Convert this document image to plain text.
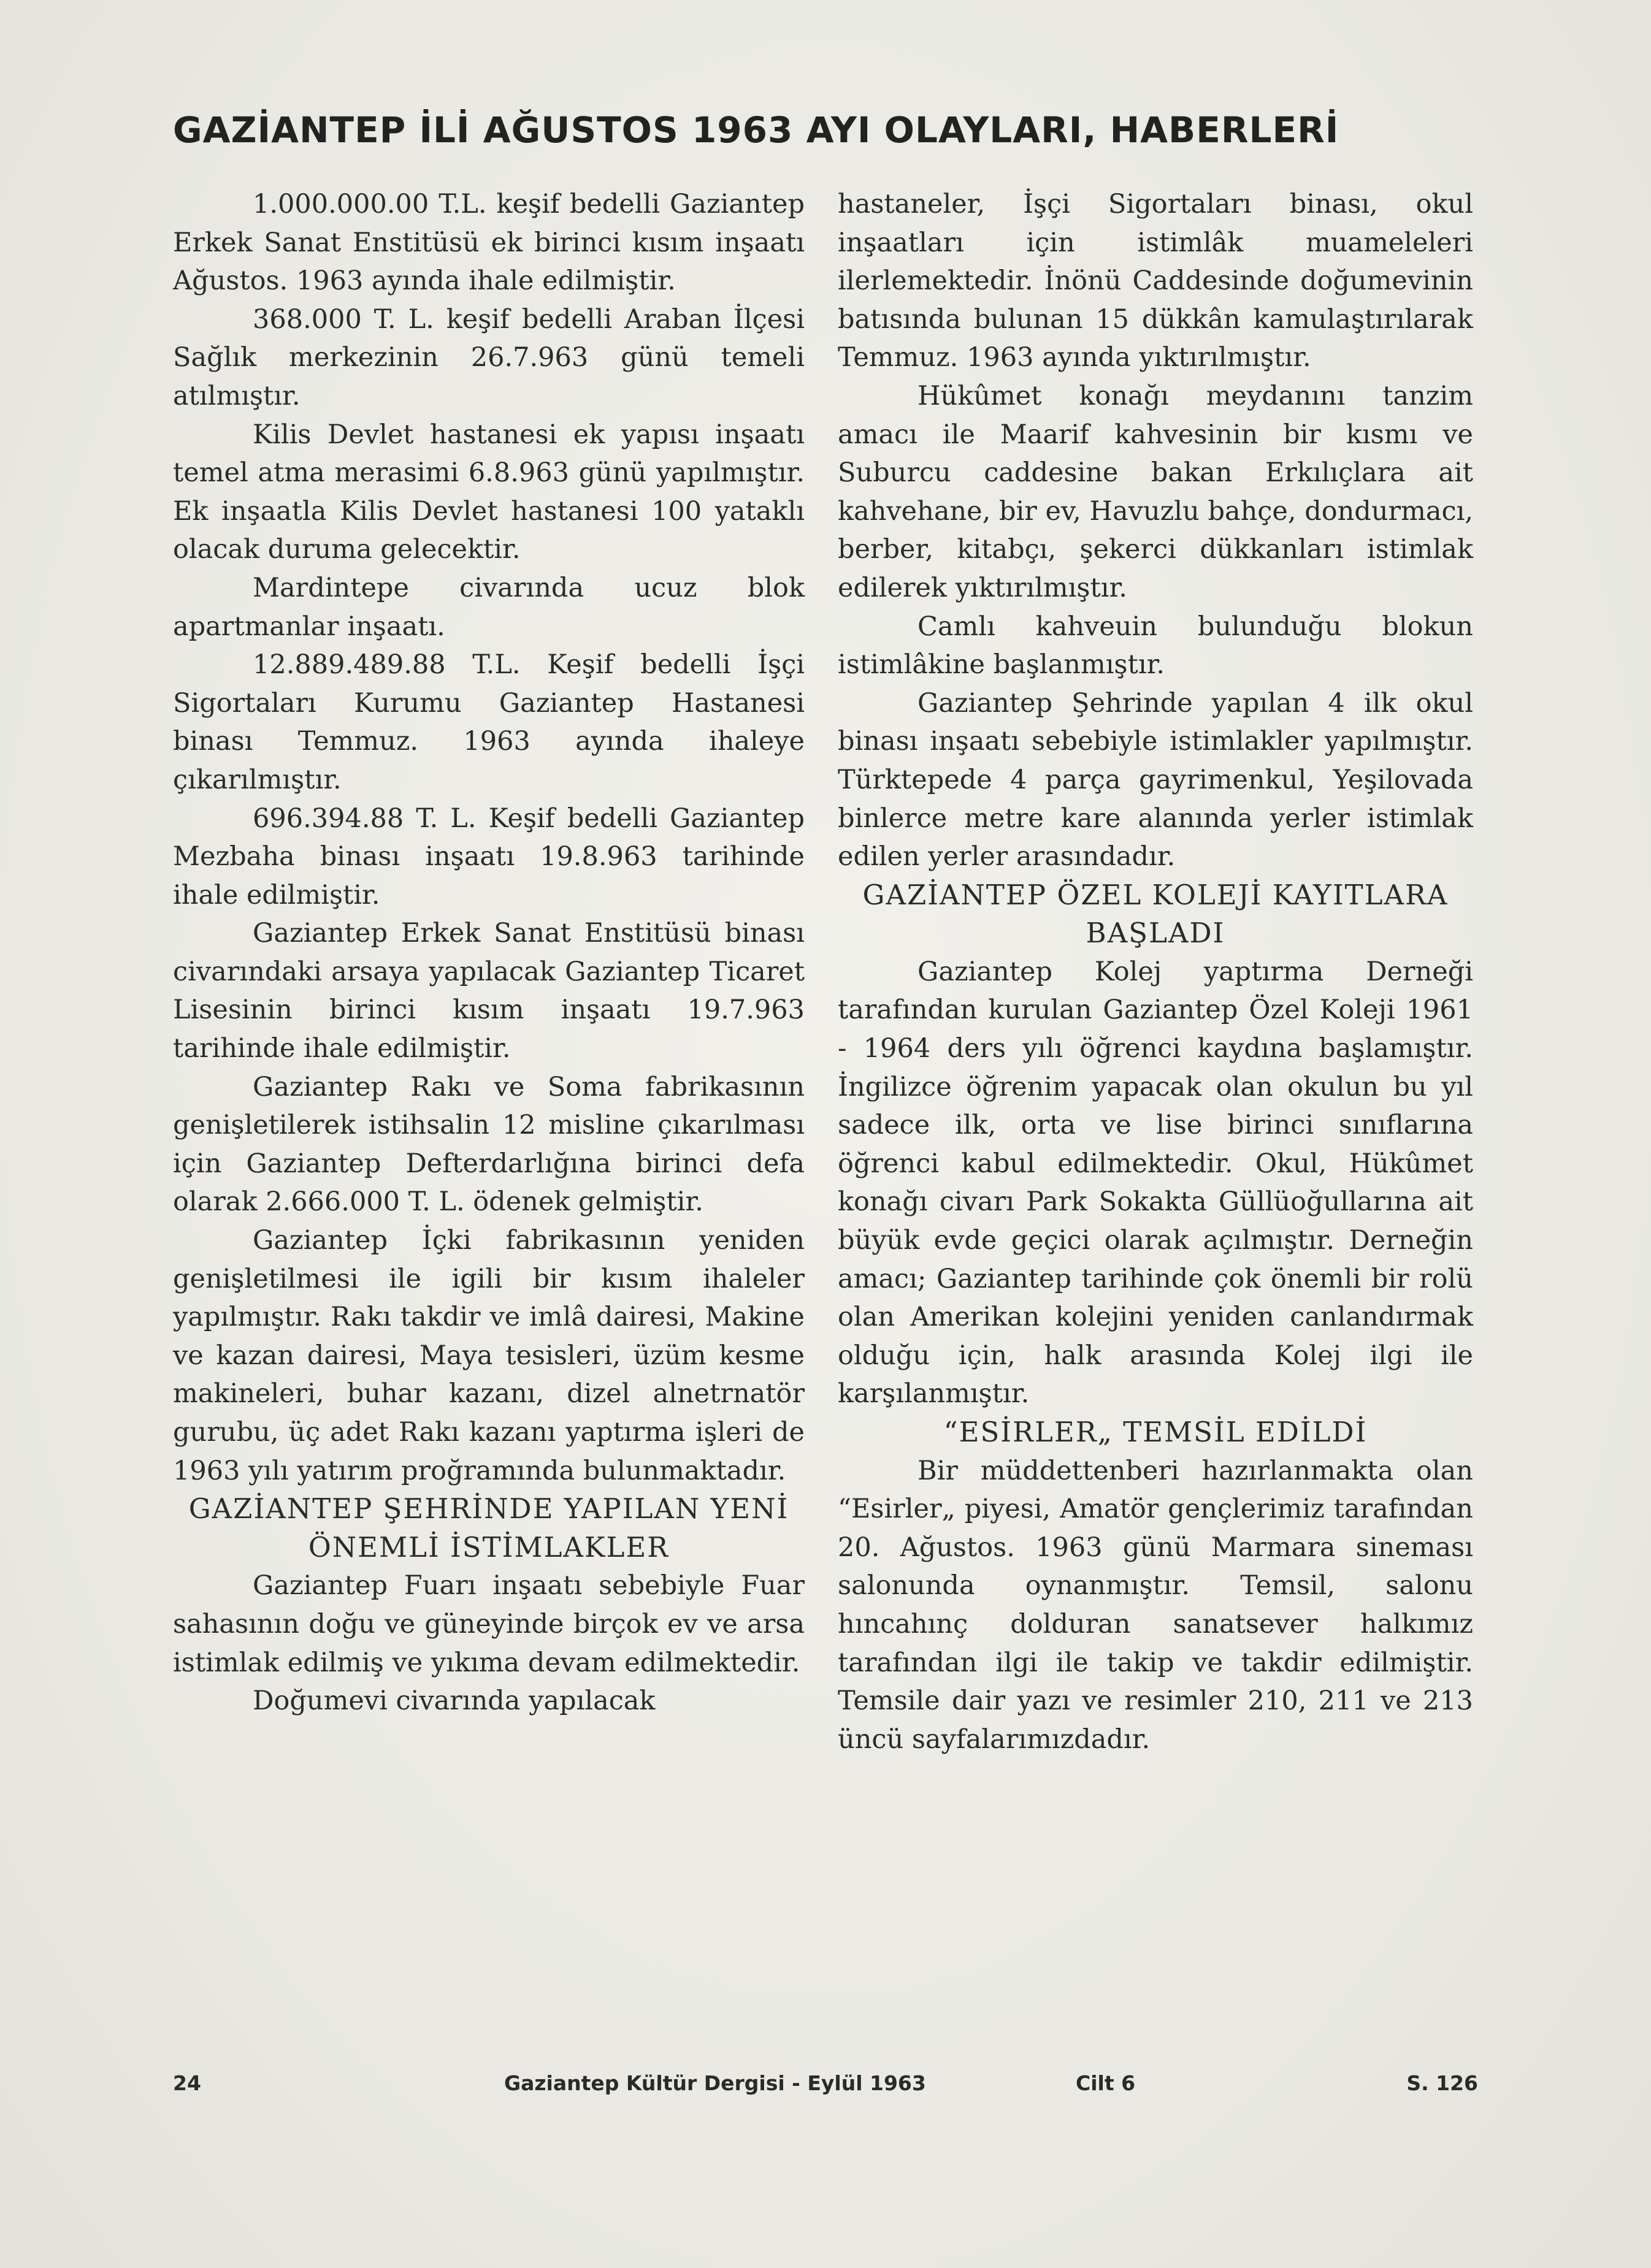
GAZİANTEP İLİ AĞUSTOS 1963 AYI OLAYLARI, HABERLERİ

1.000.000.00 T.L. keşif bedelli Gaziantep Erkek Sanat Enstitüsü ek birinci kısım inşaatı Ağustos. 1963 ayında ihale edilmiştir.

368.000 T. L. keşif bedelli Araban İlçesi Sağlık merkezinin 26.7.963 günü temeli atılmıştır.

Kilis Devlet hastanesi ek yapısı inşaatı temel atma merasimi 6.8.963 günü yapılmıştır. Ek inşaatla Kilis Devlet hastanesi 100 yataklı olacak duruma gelecektir.

Mardintepe civarında ucuz blok apartmanlar inşaatı.

12.889.489.88 T.L. Keşif bedelli İşçi Sigortaları Kurumu Gaziantep Hastanesi binası Temmuz. 1963 ayında ihaleye çıkarılmıştır.

696.394.88 T. L. Keşif bedelli Gaziantep Mezbaha binası inşaatı 19.8.963 tarihinde ihale edilmiştir.

Gaziantep Erkek Sanat Enstitüsü binası civarındaki arsaya yapılacak Gaziantep Ticaret Lisesinin birinci kısım inşaatı 19.7.963 tarihinde ihale edilmiştir.

Gaziantep Rakı ve Soma fabrikasının genişletilerek istihsalin 12 misline çıkarılması için Gaziantep Defterdarlığına birinci defa olarak 2.666.000 T. L. ödenek gelmiştir.

Gaziantep İçki fabrikasının yeniden genişletilmesi ile igili bir kısım ihaleler yapılmıştır. Rakı takdir ve imlâ dairesi, Makine ve kazan dairesi, Maya tesisleri, üzüm kesme makineleri, buhar kazanı, dizel alnetrnatör gurubu, üç adet Rakı kazanı yaptırma işleri de 1963 yılı yatırım proğramında bulunmaktadır.

GAZİANTEP ŞEHRİNDE YAPILAN YENİ ÖNEMLİ İSTİMLAKLER

Gaziantep Fuarı inşaatı sebebiyle Fuar sahasının doğu ve güneyinde birçok ev ve arsa istimlak edilmiş ve yıkıma devam edilmektedir.

Doğumevi civarında yapılacak

hastaneler, İşçi Sigortaları binası, okul inşaatları için istimlâk muameleleri ilerlemektedir. İnönü Caddesinde doğumevinin batısında bulunan 15 dükkân kamulaştırılarak Temmuz. 1963 ayında yıktırılmıştır.

Hükûmet konağı meydanını tanzim amacı ile Maarif kahvesinin bir kısmı ve Suburcu caddesine bakan Erkılıçlara ait kahvehane, bir ev, Havuzlu bahçe, dondurmacı, berber, kitabçı, şekerci dükkanları istimlak edilerek yıktırılmıştır.

Camlı kahveuin bulunduğu blokun istimlâkine başlanmıştır.

Gaziantep Şehrinde yapılan 4 ilk okul binası inşaatı sebebiyle istimlakler yapılmıştır. Türktepede 4 parça gayrimenkul, Yeşilovada binlerce metre kare alanında yerler istimlak edilen yerler arasındadır.

GAZİANTEP ÖZEL KOLEJİ KAYITLARA BAŞLADI

Gaziantep Kolej yaptırma Derneği tarafından kurulan Gaziantep Özel Koleji 1961 - 1964 ders yılı öğrenci kaydına başlamıştır. İngilizce öğrenim yapacak olan okulun bu yıl sadece ilk, orta ve lise birinci sınıflarına öğrenci kabul edilmektedir. Okul, Hükûmet konağı civarı Park Sokakta Güllüoğullarına ait büyük evde geçici olarak açılmıştır. Derneğin amacı; Gaziantep tarihinde çok önemli bir rolü olan Amerikan kolejini yeniden canlandırmak olduğu için, halk arasında Kolej ilgi ile karşılanmıştır.

“ESİRLER„ TEMSİL EDİLDİ

Bir müddettenberi hazırlanmakta olan “Esirler„ piyesi, Amatör gençlerimiz tarafından 20. Ağustos. 1963 günü Marmara sineması salonunda oynanmıştır. Temsil, salonu hıncahınç dolduran sanatsever halkımız tarafından ilgi ile takip ve takdir edilmiştir. Temsile dair yazı ve resimler 210, 211 ve 213 üncü sayfalarımızdadır.

24	Gaziantep Kültür Dergisi - Eylül 1963	Cilt 6	S. 126
